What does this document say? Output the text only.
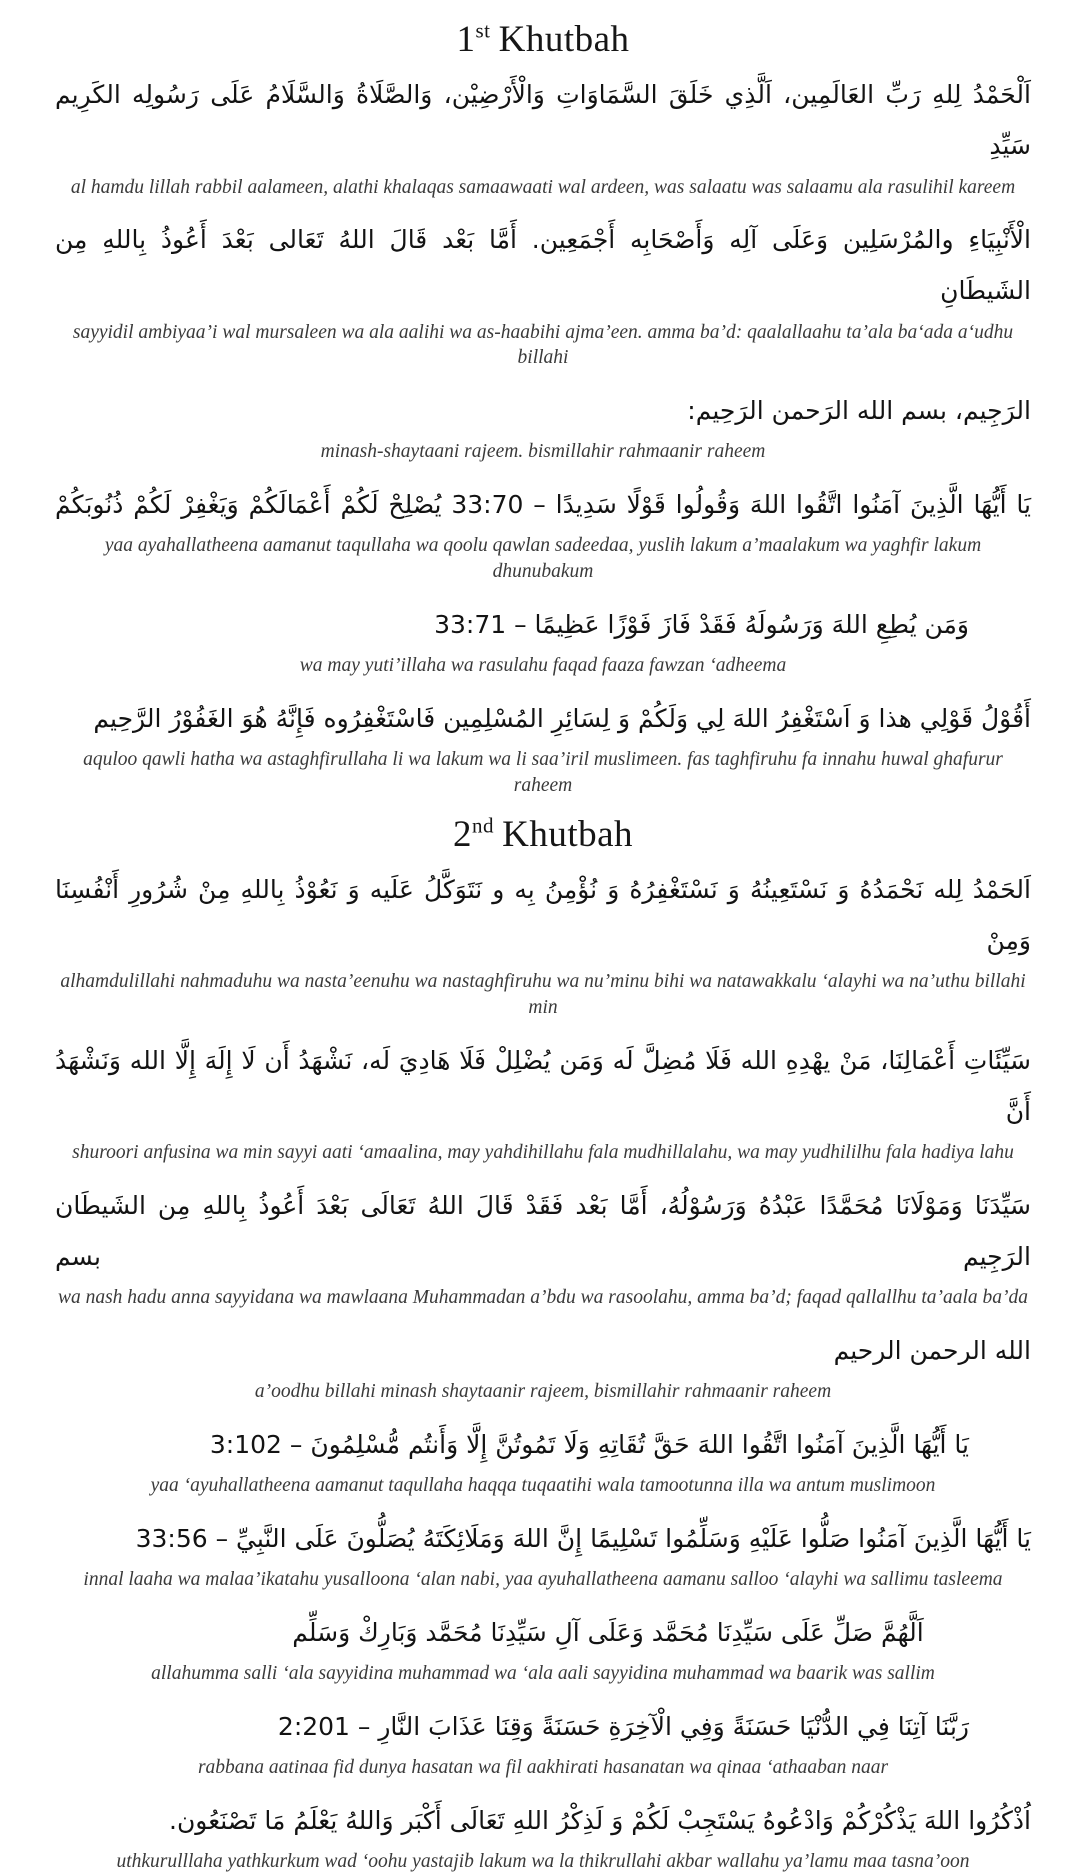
1st Khutbah
اَلْحَمْدُ لِلهِ رَبِّ العَالَمِين، اَلَّذِي خَلَقَ السَّمَاوَاتِ وَالْأَرْضِيْن، وَالصَّلَاةُ وَالسَّلَامُ عَلَى رَسُولِه الكَرِيم سَيِّدِ
al hamdu lillah rabbil aalameen, alathi khalaqas samaawaati wal ardeen, was salaatu was salaamu ala rasulihil kareem
الْأَنْبِيَاءِ والمُرْسَلِين وَعَلَى آلِه وَأَصْحَابِه أَجْمَعِين. أَمَّا بَعْد قَالَ اللهُ تَعَالى بَعْدَ أَعُوذُ بِاللهِ مِن الشَيطَانِ
sayyidil ambiyaa’i wal mursaleen wa ala aalihi wa as-haabihi ajma’een. amma ba’d: qaalallaahu ta’ala ba‘ada a‘udhu billahi
الرَجِيم، بسم الله الرَحمن الرَحِيم:
minash-shaytaani rajeem. bismillahir rahmaanir raheem
يَا أَيُّهَا الَّذِينَ آمَنُوا اتَّقُوا اللهَ وَقُولُوا قَوْلًا سَدِيدًا – 33:70 يُصْلِحْ لَكُمْ أَعْمَالَكُمْ وَيَغْفِرْ لَكُمْ ذُنُوبَكُمْ
yaa ayahallatheena aamanut taqullaha wa qoolu qawlan sadeedaa, yuslih lakum a’maalakum wa yaghfir lakum dhunubakum
وَمَن يُطِعِ اللهَ وَرَسُولَهُ فَقَدْ فَازَ فَوْزًا عَظِيمًا – 33:71
wa may yuti’illaha wa rasulahu faqad faaza fawzan ‘adheema
أَقُوْلُ قَوْلِي هذا وَ اَسْتَغْفِرُ اللهَ لِي وَلَكُمْ وَ لِسَائِرِ المُسْلِمِين فَاسْتَغْفِرُوه فَإِنَّهُ هُوَ الغَفُوْرُ الرَّحِيم
aquloo qawli hatha wa astaghfirullaha li wa lakum wa li saa’iril muslimeen. fas taghfiruhu fa innahu huwal ghafurur raheem
2nd Khutbah
اَلحَمْدُ لِله نَحْمَدُهُ وَ نَسْتَعِينُهُ وَ نَسْتَغْفِرُهُ وَ نُؤْمِنُ بِه و نَتَوَكَّلُ عَلَيه وَ نَعُوْذُ بِاللهِ مِنْ شُرُورِ أَنْفُسِنَا وَمِنْ
alhamdulillahi nahmaduhu wa nasta’eenuhu wa nastaghfiruhu wa nu’minu bihi wa natawakkalu ‘alayhi wa na’uthu billahi min
سَيِّئَاتِ أَعْمَالِنَا، مَنْ يهْدِهِ الله فَلَا مُضِلَّ لَه وَمَن يُضْلِلْ فَلَا هَادِيَ لَه، نَشْهَدُ أَن لَا إِلَهَ إِلَّا الله وَنَشْهَدُ أَنَّ
shuroori anfusina wa min sayyi aati ‘amaalina, may yahdihillahu fala mudhillalahu, wa may yudhililhu fala hadiya lahu
سَيِّدَنَا وَمَوْلَانَا مُحَمَّدًا عَبْدُهُ وَرَسُوْلُهُ، أَمَّا بَعْد فَقَدْ قَالَ اللهُ تَعَالَى بَعْدَ أَعُوذُ بِاللهِ مِن الشَيطَان الرَجِيم بسم
wa nash hadu anna sayyidana wa mawlaana Muhammadan a’bdu wa rasoolahu, amma ba’d; faqad qallallhu ta’aala ba’da
الله الرحمن الرحيم
a’oodhu billahi minash shaytaanir rajeem, bismillahir rahmaanir raheem
يَا أَيُّهَا الَّذِينَ آمَنُوا اتَّقُوا اللهَ حَقَّ تُقَاتِهِ وَلَا تَمُوتُنَّ إِلَّا وَأَنتُم مُّسْلِمُونَ – 3:102
yaa ‘ayuhallatheena aamanut taqullaha haqqa tuqaatihi wala tamootunna illa wa antum muslimoon
يَا أَيُّهَا الَّذِينَ آمَنُوا صَلُّوا عَلَيْهِ وَسَلِّمُوا تَسْلِيمًا إِنَّ اللهَ وَمَلَائِكَتَهُ يُصَلُّونَ عَلَى النَّبِيِّ – 33:56
innal laaha wa malaa’ikatahu yusalloona ‘alan nabi, yaa ayuhallatheena aamanu salloo ‘alayhi wa sallimu tasleema
اَلَّهُمَّ صَلِّ عَلَى سَيِّدِنَا مُحَمَّد وَعَلَى آلِ سَيِّدِنَا مُحَمَّد وَبَارِكْ وَسَلِّم
allahumma salli ‘ala sayyidina muhammad wa ‘ala aali sayyidina muhammad wa baarik was sallim
رَبَّنَا آتِنَا فِي الدُّنْيَا حَسَنَةً وَفِي الْآخِرَةِ حَسَنَةً وَقِنَا عَذَابَ النَّارِ – 2:201
rabbana aatinaa fid dunya hasatan wa fil aakhirati hasanatan wa qinaa ‘athaaban naar
اُذْكُرُوا اللهَ يَذْكُرْكُمْ وَادْعُوهُ يَسْتَجِبْ لَكُمْ وَ لَذِكْرُ اللهِ تَعَالَى أَكْبَر وَاللهُ يَعْلَمُ مَا تَصْنَعُون.
uthkurulllaha yathkurkum wad ‘oohu yastajib lakum wa la thikrullahi akbar wallahu ya’lamu maa tasna’oon
